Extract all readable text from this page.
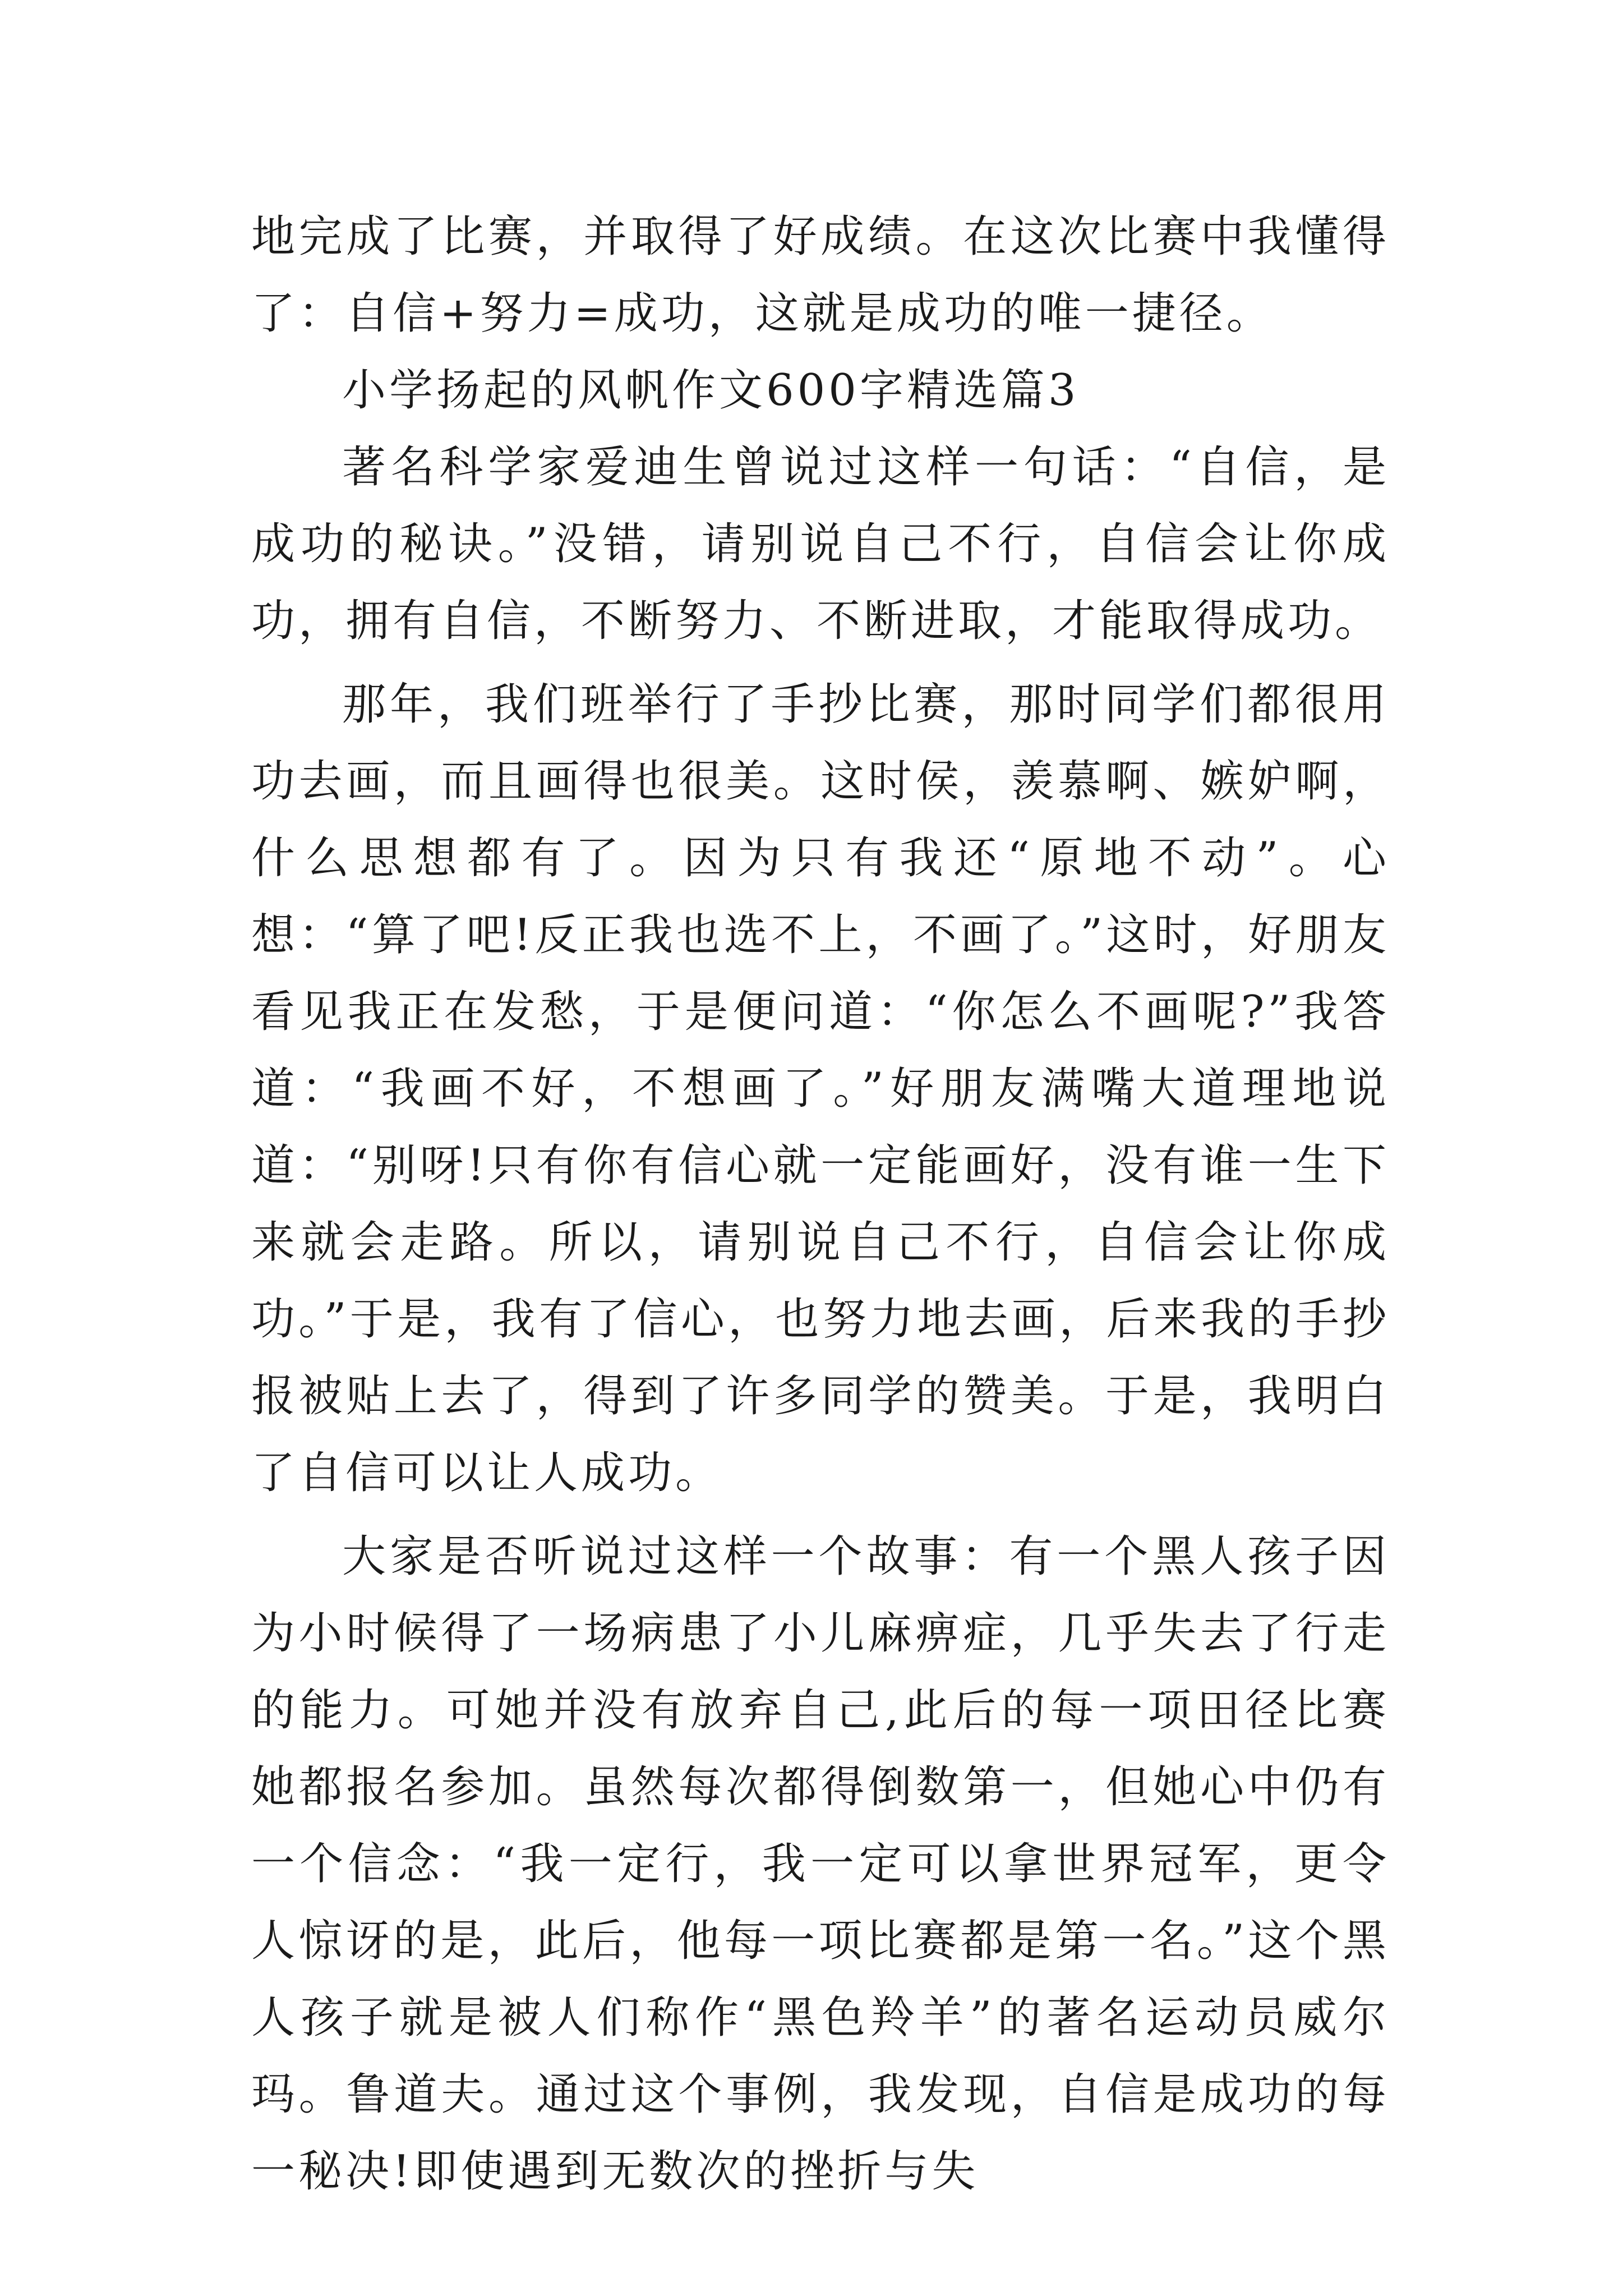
地完成了比赛，并取得了好成绩。在这次比赛中我懂得了：自信+努力=成功，这就是成功的唯一捷径。

小学扬起的风帆作文600字精选篇3

著名科学家爱迪生曾说过这样一句话：“自信，是成功的秘诀。”没错，请别说自己不行，自信会让你成功，拥有自信，不断努力、不断进取，才能取得成功。

那年，我们班举行了手抄比赛，那时同学们都很用功去画，而且画得也很美。这时侯，羡慕啊、嫉妒啊，什么思想都有了。因为只有我还“原地不动”。心想：“算了吧!反正我也选不上，不画了。”这时，好朋友看见我正在发愁，于是便问道：“你怎么不画呢?”我答道：“我画不好，不想画了。”好朋友满嘴大道理地说道：“别呀!只有你有信心就一定能画好，没有谁一生下来就会走路。所以，请别说自己不行，自信会让你成功。”于是，我有了信心，也努力地去画，后来我的手抄报被贴上去了，得到了许多同学的赞美。于是，我明白了自信可以让人成功。

大家是否听说过这样一个故事：有一个黑人孩子因为小时候得了一场病患了小儿麻痹症，几乎失去了行走的能力。可她并没有放弃自己,此后的每一项田径比赛她都报名参加。虽然每次都得倒数第一，但她心中仍有一个信念：“我一定行，我一定可以拿世界冠军，更令人惊讶的是，此后，他每一项比赛都是第一名。”这个黑人孩子就是被人们称作“黑色羚羊”的著名运动员威尔玛。鲁道夫。通过这个事例，我发现，自信是成功的每一秘决!即使遇到无数次的挫折与失
